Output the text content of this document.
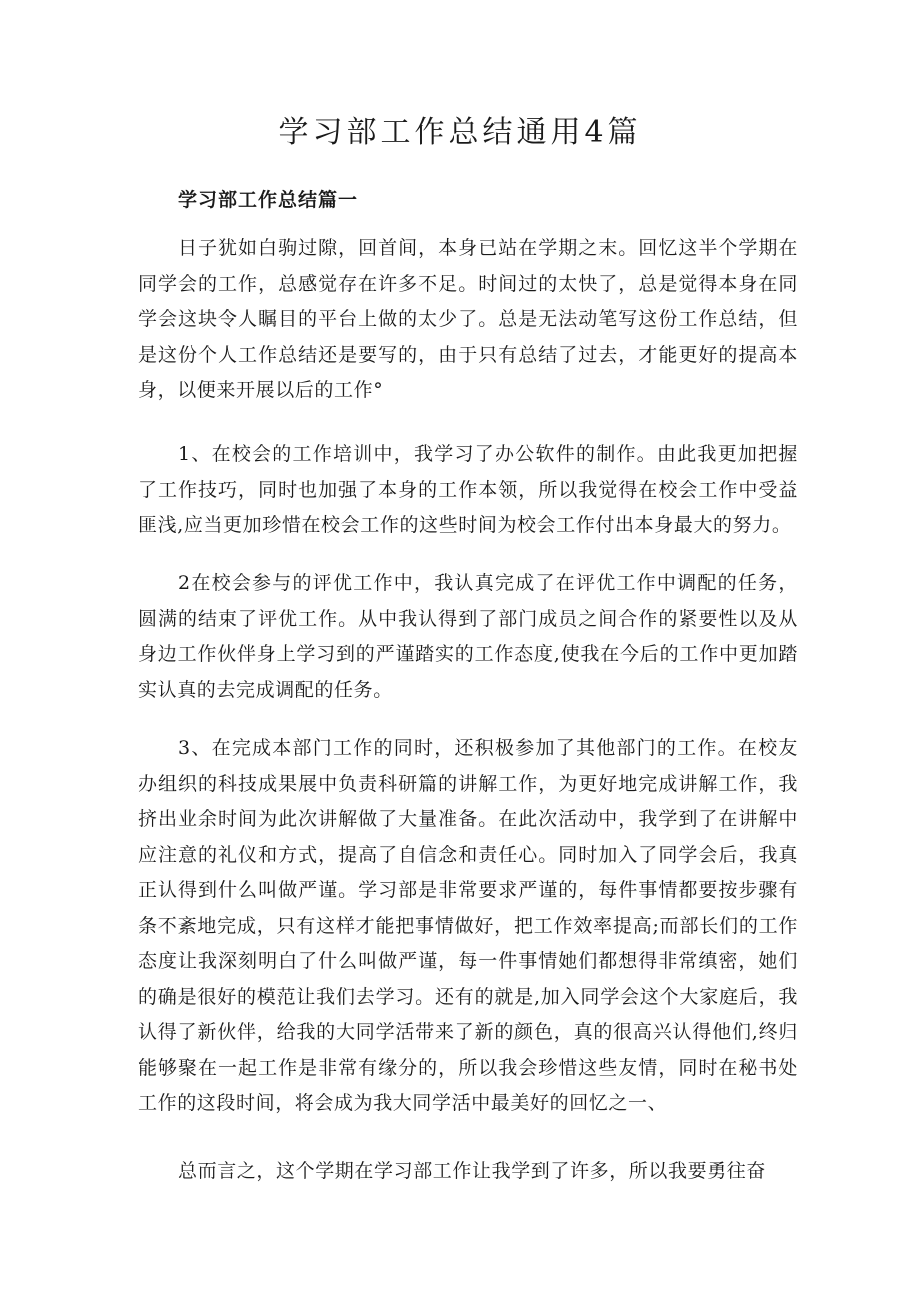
学习部工作总结通用4篇
学习部工作总结篇一

日子犹如白驹过隙，回首间，本身已站在学期之末。回忆这半个学期在同学会的工作，总感觉存在许多不足。时间过的太快了，总是觉得本身在同学会这块令人瞩目的平台上做的太少了。总是无法动笔写这份工作总结，但是这份个人工作总结还是要写的，由于只有总结了过去，才能更好的提高本身，以便来开展以后的工作°

1、在校会的工作培训中，我学习了办公软件的制作。由此我更加把握了工作技巧，同时也加强了本身的工作本领，所以我觉得在校会工作中受益匪浅,应当更加珍惜在校会工作的这些时间为校会工作付出本身最大的努力。

2在校会参与的评优工作中，我认真完成了在评优工作中调配的任务，圆满的结束了评优工作。从中我认得到了部门成员之间合作的紧要性以及从身边工作伙伴身上学习到的严谨踏实的工作态度,使我在今后的工作中更加踏实认真的去完成调配的任务。

3、在完成本部门工作的同时，还积极参加了其他部门的工作。在校友办组织的科技成果展中负责科研篇的讲解工作，为更好地完成讲解工作，我挤出业余时间为此次讲解做了大量准备。在此次活动中，我学到了在讲解中应注意的礼仪和方式，提高了自信念和责任心。同时加入了同学会后，我真正认得到什么叫做严谨。学习部是非常要求严谨的，每件事情都要按步骤有条不紊地完成，只有这样才能把事情做好，把工作效率提高;而部长们的工作态度让我深刻明白了什么叫做严谨，每一件事情她们都想得非常缜密，她们的确是很好的模范让我们去学习。还有的就是,加入同学会这个大家庭后，我认得了新伙伴，给我的大同学活带来了新的颜色，真的很高兴认得他们,终归能够聚在一起工作是非常有缘分的，所以我会珍惜这些友情，同时在秘书处工作的这段时间，将会成为我大同学活中最美好的回忆之一、

总而言之，这个学期在学习部工作让我学到了许多，所以我要勇往奋
